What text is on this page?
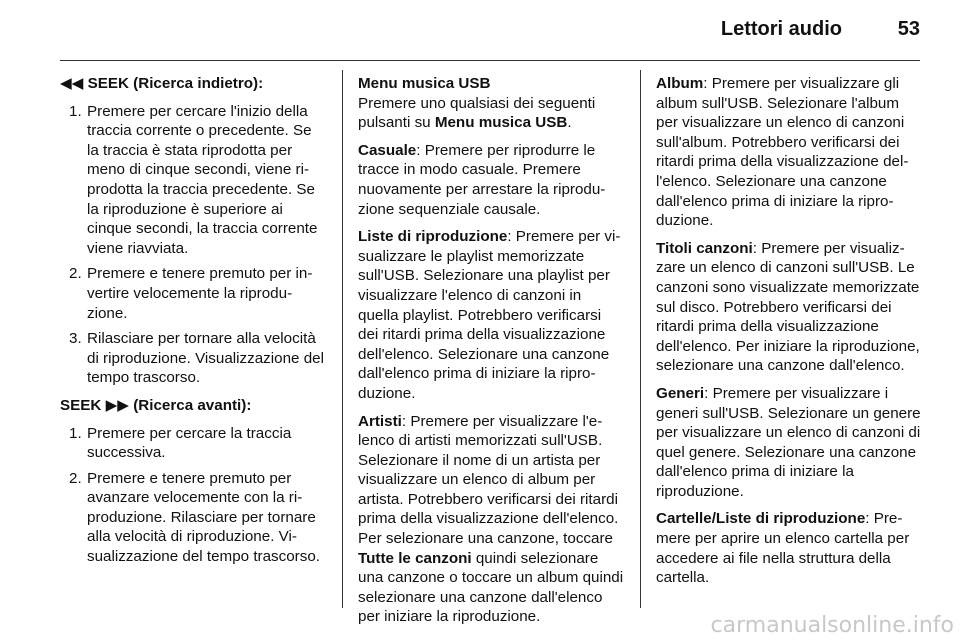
Lettori audio	53

◀◀ SEEK (Ricerca indietro):

1. Premere per cercare l'inizio della traccia corrente o precedente. Se la traccia è stata riprodotta per meno di cinque secondi, viene riprodotta la traccia precedente. Se la riproduzione è superiore ai cinque secondi, la traccia corrente viene riavviata.
2. Premere e tenere premuto per invertire velocemente la riproduzione.
3. Rilasciare per tornare alla velocità di riproduzione. Visualizzazione del tempo trascorso.

SEEK ▶▶ (Ricerca avanti):

1. Premere per cercare la traccia successiva.
2. Premere e tenere premuto per avanzare velocemente con la riproduzione. Rilasciare per tornare alla velocità di riproduzione. Visualizzazione del tempo trascorso.
Menu musica USB

Premere uno qualsiasi dei seguenti pulsanti su Menu musica USB.

Casuale: Premere per riprodurre le tracce in modo casuale. Premere nuovamente per arrestare la riproduzione sequenziale causale.

Liste di riproduzione: Premere per visualizzare le playlist memorizzate sull'USB. Selezionare una playlist per visualizzare l'elenco di canzoni in quella playlist. Potrebbero verificarsi dei ritardi prima della visualizzazione dell'elenco. Selezionare una canzone dall'elenco prima di iniziare la riproduzione.

Artisti: Premere per visualizzare l'elenco di artisti memorizzati sull'USB. Selezionare il nome di un artista per visualizzare un elenco di album per artista. Potrebbero verificarsi dei ritardi prima della visualizzazione dell'elenco. Per selezionare una canzone, toccare Tutte le canzoni quindi selezionare una canzone o toccare un album quindi selezionare una canzone dall'elenco per iniziare la riproduzione.

Album: Premere per visualizzare gli album sull'USB. Selezionare l'album per visualizzare un elenco di canzoni sull'album. Potrebbero verificarsi dei ritardi prima della visualizzazione dell'elenco. Selezionare una canzone dall'elenco prima di iniziare la riproduzione.

Titoli canzoni: Premere per visualizzare un elenco di canzoni sull'USB. Le canzoni sono visualizzate memorizzate sul disco. Potrebbero verificarsi dei ritardi prima della visualizzazione dell'elenco. Per iniziare la riproduzione, selezionare una canzone dall'elenco.

Generi: Premere per visualizzare i generi sull'USB. Selezionare un genere per visualizzare un elenco di canzoni di quel genere. Selezionare una canzone dall'elenco prima di iniziare la riproduzione.

Cartelle/Liste di riproduzione: Premere per aprire un elenco cartella per accedere ai file nella struttura della cartella.

carmanualsonline.info
